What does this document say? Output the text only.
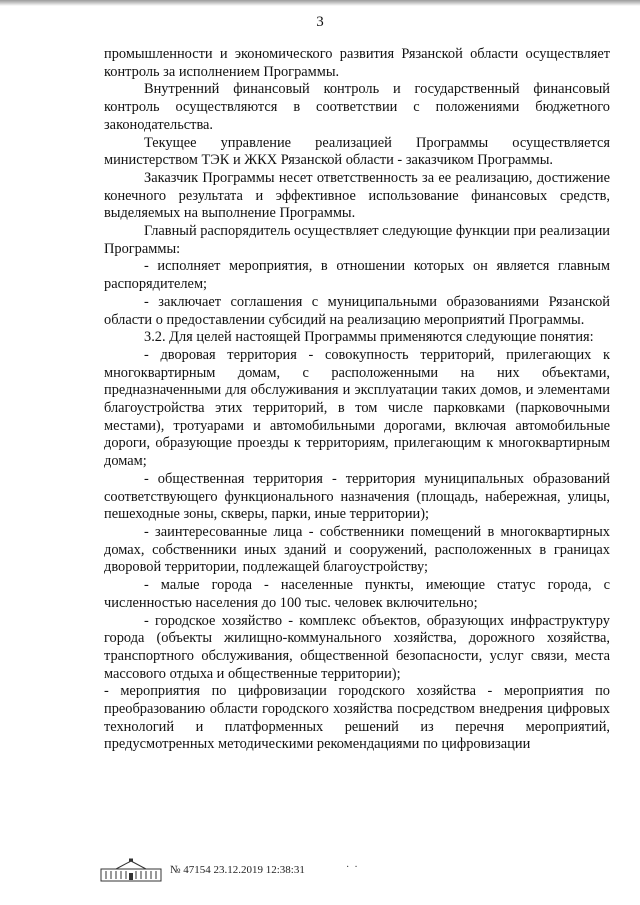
3

промышленности и экономического развития Рязанской области осуществляет контроль за исполнением Программы.

Внутренний финансовый контроль и государственный финансовый контроль осуществляются в соответствии с положениями бюджетного законодательства.

Текущее управление реализацией Программы осуществляется министерством ТЭК и ЖКХ Рязанской области - заказчиком Программы.

Заказчик Программы несет ответственность за ее реализацию, достижение конечного результата и эффективное использование финансовых средств, выделяемых на выполнение Программы.

Главный распорядитель осуществляет следующие функции при реализации Программы:

- исполняет мероприятия, в отношении которых он является главным распорядителем;

- заключает соглашения с муниципальными образованиями Рязанской области о предоставлении субсидий на реализацию мероприятий Программы.

3.2. Для целей настоящей Программы применяются следующие понятия:

- дворовая территория - совокупность территорий, прилегающих к многоквартирным домам, с расположенными на них объектами, предназначенными для обслуживания и эксплуатации таких домов, и элементами благоустройства этих территорий, в том числе парковками (парковочными местами), тротуарами и автомобильными дорогами, включая автомобильные дороги, образующие проезды к территориям, прилегающим к многоквартирным домам;

- общественная территория - территория муниципальных образований соответствующего функционального назначения (площадь, набережная, улицы, пешеходные зоны, скверы, парки, иные территории);

- заинтересованные лица - собственники помещений в многоквартирных домах, собственники иных зданий и сооружений, расположенных в границах дворовой территории, подлежащей благоустройству;

- малые города - населенные пункты, имеющие статус города, с численностью населения до 100 тыс. человек включительно;

- городское хозяйство - комплекс объектов, образующих инфраструктуру города (объекты жилищно-коммунального хозяйства, дорожного хозяйства, транспортного обслуживания, общественной безопасности, услуг связи, места массового отдыха и общественные территории);

- мероприятия по цифровизации городского хозяйства - мероприятия по преобразованию области городского хозяйства посредством внедрения цифровых технологий и платформенных решений из перечня мероприятий, предусмотренных методическими рекомендациями по цифровизации

№ 47154 23.12.2019 12:38:31	·  ·
